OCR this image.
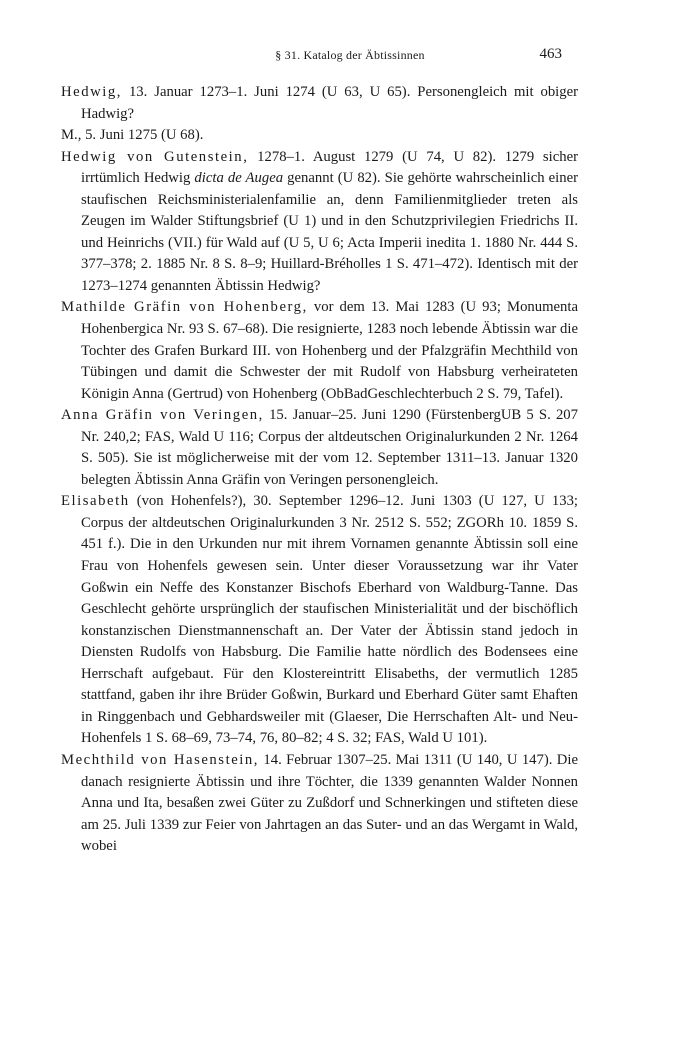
§ 31. Katalog der Äbtissinnen	463

Hedwig, 13. Januar 1273–1. Juni 1274 (U 63, U 65). Personengleich mit obiger Hadwig?

M., 5. Juni 1275 (U 68).

Hedwig von Gutenstein, 1278–1. August 1279 (U 74, U 82). 1279 sicher irrtümlich Hedwig dicta de Augea genannt (U 82). Sie gehörte wahrscheinlich einer staufischen Reichsministerialenfamilie an, denn Familienmitglieder treten als Zeugen im Walder Stiftungsbrief (U 1) und in den Schutzprivilegien Friedrichs II. und Heinrichs (VII.) für Wald auf (U 5, U 6; Acta Imperii inedita 1. 1880 Nr. 444 S. 377–378; 2. 1885 Nr. 8 S. 8–9; Huillard-Bréholles 1 S. 471–472). Identisch mit der 1273–1274 genannten Äbtissin Hedwig?

Mathilde Gräfin von Hohenberg, vor dem 13. Mai 1283 (U 93; Monumenta Hohenbergica Nr. 93 S. 67–68). Die resignierte, 1283 noch lebende Äbtissin war die Tochter des Grafen Burkard III. von Hohenberg und der Pfalzgräfin Mechthild von Tübingen und damit die Schwester der mit Rudolf von Habsburg verheirateten Königin Anna (Gertrud) von Hohenberg (ObBadGeschlechterbuch 2 S. 79, Tafel).

Anna Gräfin von Veringen, 15. Januar–25. Juni 1290 (FürstenbergUB 5 S. 207 Nr. 240,2; FAS, Wald U 116; Corpus der altdeutschen Originalurkunden 2 Nr. 1264 S. 505). Sie ist möglicherweise mit der vom 12. September 1311–13. Januar 1320 belegten Äbtissin Anna Gräfin von Veringen personengleich.

Elisabeth (von Hohenfels?), 30. September 1296–12. Juni 1303 (U 127, U 133; Corpus der altdeutschen Originalurkunden 3 Nr. 2512 S. 552; ZGORh 10. 1859 S. 451 f.). Die in den Urkunden nur mit ihrem Vornamen genannte Äbtissin soll eine Frau von Hohenfels gewesen sein. Unter dieser Voraussetzung war ihr Vater Goßwin ein Neffe des Konstanzer Bischofs Eberhard von Waldburg-Tanne. Das Geschlecht gehörte ursprünglich der staufischen Ministerialität und der bischöflich konstanzischen Dienstmannenschaft an. Der Vater der Äbtissin stand jedoch in Diensten Rudolfs von Habsburg. Die Familie hatte nördlich des Bodensees eine Herrschaft aufgebaut. Für den Klostereintritt Elisabeths, der vermutlich 1285 stattfand, gaben ihr ihre Brüder Goßwin, Burkard und Eberhard Güter samt Ehaften in Ringgenbach und Gebhardsweiler mit (Glaeser, Die Herrschaften Alt- und Neu-Hohenfels 1 S. 68–69, 73–74, 76, 80–82; 4 S. 32; FAS, Wald U 101).

Mechthild von Hasenstein, 14. Februar 1307–25. Mai 1311 (U 140, U 147). Die danach resignierte Äbtissin und ihre Töchter, die 1339 genannten Walder Nonnen Anna und Ita, besaßen zwei Güter zu Zußdorf und Schnerkingen und stifteten diese am 25. Juli 1339 zur Feier von Jahrtagen an das Suter- und an das Wergamt in Wald, wobei
